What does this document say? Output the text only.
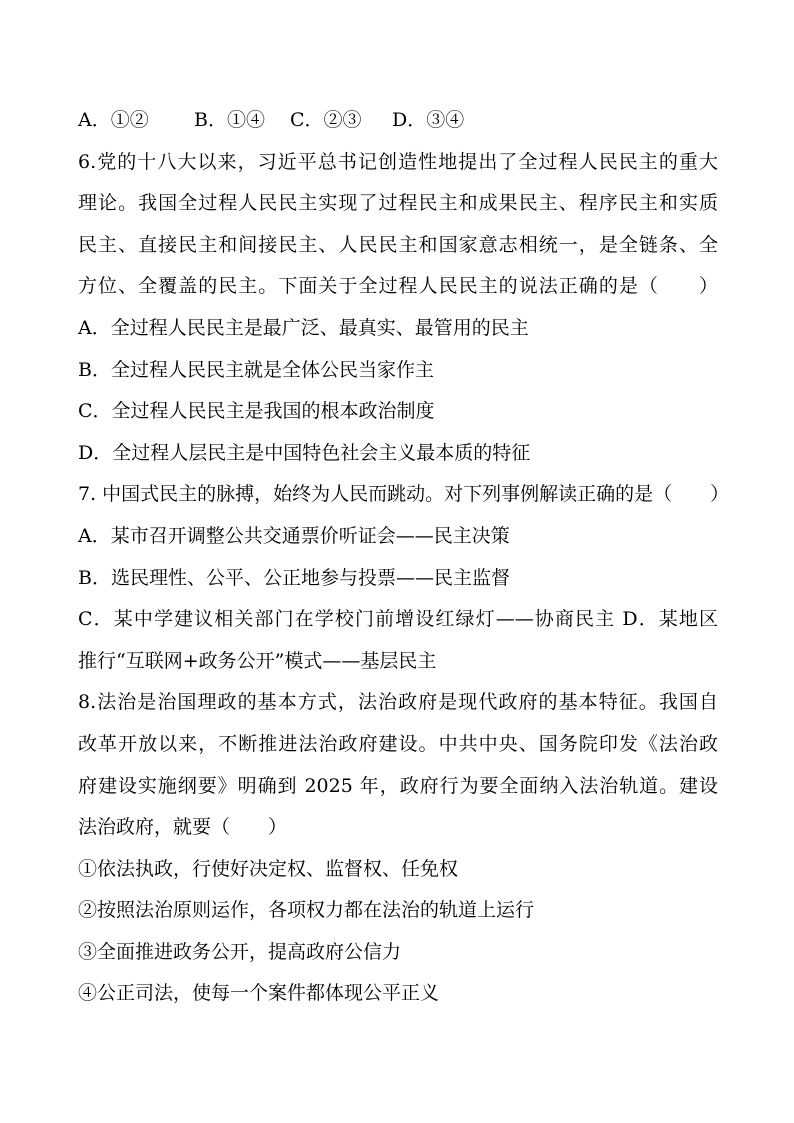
A．①② B．①④ C．②③ D．③④
6.党的十八大以来，习近平总书记创造性地提出了全过程人民民主的重大
理论。我国全过程人民民主实现了过程民主和成果民主、程序民主和实质
民主、直接民主和间接民主、人民民主和国家意志相统一，是全链条、全
方位、全覆盖的民主。下面关于全过程人民民主的说法正确的是（　　）
A．全过程人民民主是最广泛、最真实、最管用的民主
B．全过程人民民主就是全体公民当家作主
C．全过程人民民主是我国的根本政治制度
D．全过程人层民主是中国特色社会主义最本质的特征
7. 中国式民主的脉搏，始终为人民而跳动。对下列事例解读正确的是（　　）
A．某市召开调整公共交通票价听证会——民主决策
B．选民理性、公平、公正地参与投票——民主监督
C．某中学建议相关部门在学校门前增设红绿灯——协商民主 D．某地区
推行“互联网+政务公开”模式——基层民主
8.法治是治国理政的基本方式，法治政府是现代政府的基本特征。我国自
改革开放以来，不断推进法治政府建设。中共中央、国务院印发《法治政
府建设实施纲要》明确到 2025 年，政府行为要全面纳入法治轨道。建设
法治政府，就要（　　）
①依法执政，行使好决定权、监督权、任免权
②按照法治原则运作，各项权力都在法治的轨道上运行
③全面推进政务公开，提高政府公信力
④公正司法，使每一个案件都体现公平正义
